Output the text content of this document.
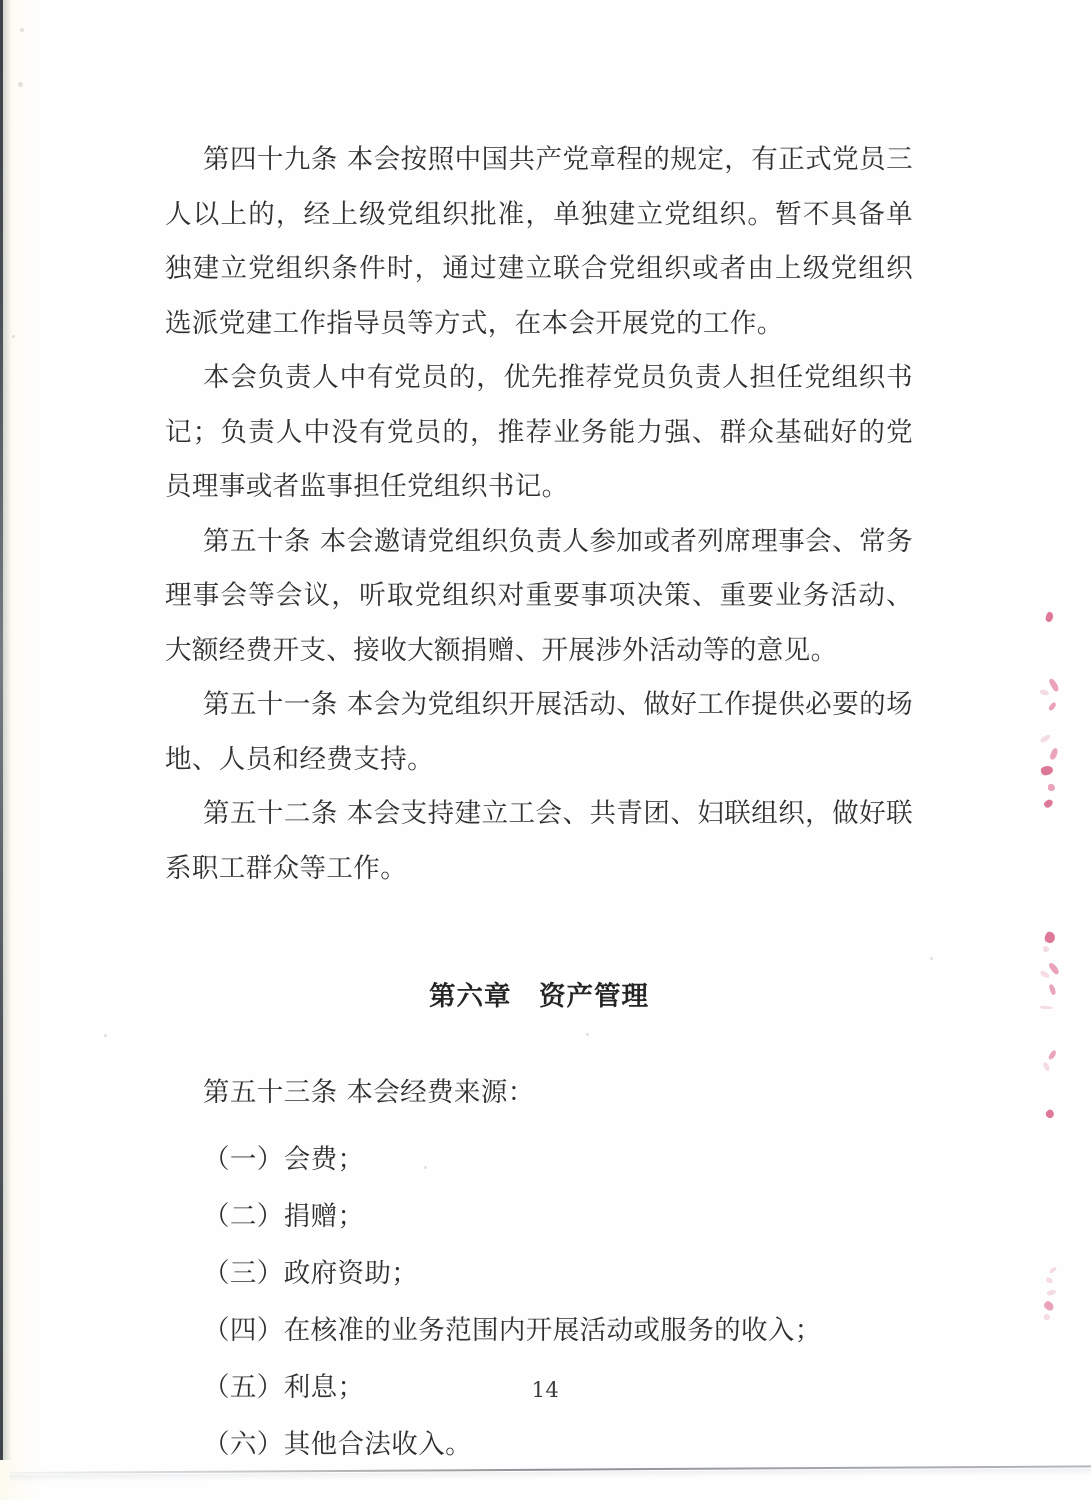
第四十九条 本会按照中国共产党章程的规定，有正式党员三人以上的，经上级党组织批准，单独建立党组织。暂不具备单独建立党组织条件时，通过建立联合党组织或者由上级党组织选派党建工作指导员等方式，在本会开展党的工作。

本会负责人中有党员的，优先推荐党员负责人担任党组织书记；负责人中没有党员的，推荐业务能力强、群众基础好的党员理事或者监事担任党组织书记。

第五十条 本会邀请党组织负责人参加或者列席理事会、常务理事会等会议，听取党组织对重要事项决策、重要业务活动、大额经费开支、接收大额捐赠、开展涉外活动等的意见。

第五十一条 本会为党组织开展活动、做好工作提供必要的场地、人员和经费支持。

第五十二条 本会支持建立工会、共青团、妇联组织，做好联系职工群众等工作。

第六章　资产管理

第五十三条 本会经费来源：

（一）会费；

（二）捐赠；

（三）政府资助；

（四）在核准的业务范围内开展活动或服务的收入；

（五）利息；

（六）其他合法收入。

14
